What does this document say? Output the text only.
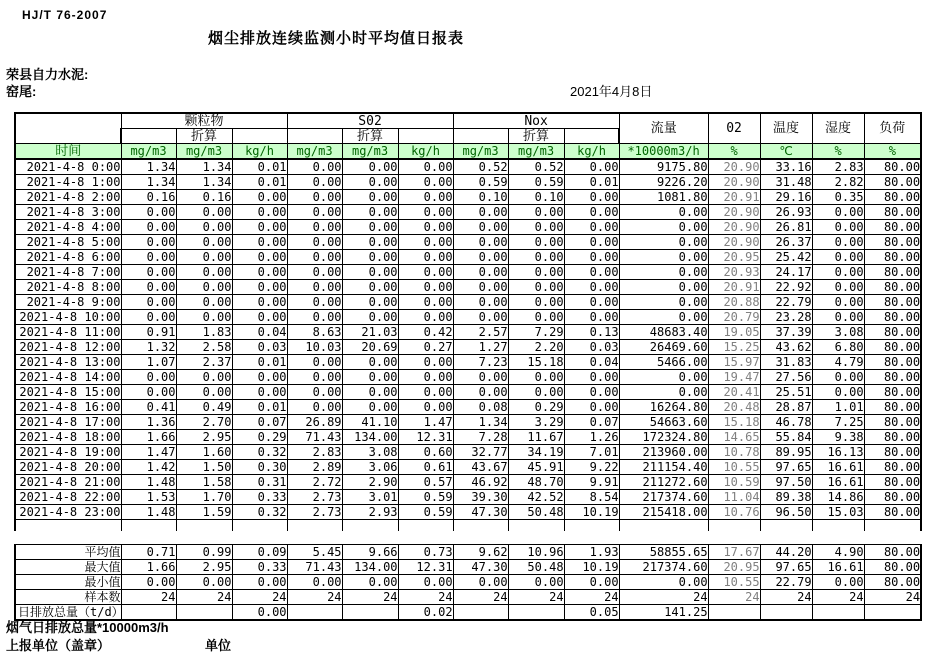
HJ/T 76-2007
烟尘排放连续监测小时平均值日报表
荣县自力水泥:
窑尾:	2021年4月8日
	颗粒物			S02			Nox			流量	02	温度	湿度	负荷
		折算			折算			折算						
时间	mg/m3	mg/m3	kg/h	mg/m3	mg/m3	kg/h	mg/m3	mg/m3	kg/h	*10000m3/h	%	℃	%	%
2021-4-8 0:00	1.34	1.34	0.01	0.00	0.00	0.00	0.52	0.52	0.00	9175.80	20.90	33.16	2.83	80.00
2021-4-8 1:00	1.34	1.34	0.01	0.00	0.00	0.00	0.59	0.59	0.01	9226.20	20.90	31.48	2.82	80.00
2021-4-8 2:00	0.16	0.16	0.00	0.00	0.00	0.00	0.10	0.10	0.00	1081.80	20.91	29.16	0.35	80.00
2021-4-8 3:00	0.00	0.00	0.00	0.00	0.00	0.00	0.00	0.00	0.00	0.00	20.90	26.93	0.00	80.00
2021-4-8 4:00	0.00	0.00	0.00	0.00	0.00	0.00	0.00	0.00	0.00	0.00	20.90	26.81	0.00	80.00
2021-4-8 5:00	0.00	0.00	0.00	0.00	0.00	0.00	0.00	0.00	0.00	0.00	20.90	26.37	0.00	80.00
2021-4-8 6:00	0.00	0.00	0.00	0.00	0.00	0.00	0.00	0.00	0.00	0.00	20.95	25.42	0.00	80.00
2021-4-8 7:00	0.00	0.00	0.00	0.00	0.00	0.00	0.00	0.00	0.00	0.00	20.93	24.17	0.00	80.00
2021-4-8 8:00	0.00	0.00	0.00	0.00	0.00	0.00	0.00	0.00	0.00	0.00	20.91	22.92	0.00	80.00
2021-4-8 9:00	0.00	0.00	0.00	0.00	0.00	0.00	0.00	0.00	0.00	0.00	20.88	22.79	0.00	80.00
2021-4-8 10:00	0.00	0.00	0.00	0.00	0.00	0.00	0.00	0.00	0.00	0.00	20.79	23.28	0.00	80.00
2021-4-8 11:00	0.91	1.83	0.04	8.63	21.03	0.42	2.57	7.29	0.13	48683.40	19.05	37.39	3.08	80.00
2021-4-8 12:00	1.32	2.58	0.03	10.03	20.69	0.27	1.27	2.20	0.03	26469.60	15.25	43.62	6.80	80.00
2021-4-8 13:00	1.07	2.37	0.01	0.00	0.00	0.00	7.23	15.18	0.04	5466.00	15.97	31.83	4.79	80.00
2021-4-8 14:00	0.00	0.00	0.00	0.00	0.00	0.00	0.00	0.00	0.00	0.00	19.47	27.56	0.00	80.00
2021-4-8 15:00	0.00	0.00	0.00	0.00	0.00	0.00	0.00	0.00	0.00	0.00	20.41	25.51	0.00	80.00
2021-4-8 16:00	0.41	0.49	0.01	0.00	0.00	0.00	0.08	0.29	0.00	16264.80	20.48	28.87	1.01	80.00
2021-4-8 17:00	1.36	2.70	0.07	26.89	41.10	1.47	1.34	3.29	0.07	54663.60	15.18	46.78	7.25	80.00
2021-4-8 18:00	1.66	2.95	0.29	71.43	134.00	12.31	7.28	11.67	1.26	172324.80	14.65	55.84	9.38	80.00
2021-4-8 19:00	1.47	1.60	0.32	2.83	3.08	0.60	32.77	34.19	7.01	213960.00	10.78	89.95	16.13	80.00
2021-4-8 20:00	1.42	1.50	0.30	2.89	3.06	0.61	43.67	45.91	9.22	211154.40	10.55	97.65	16.61	80.00
2021-4-8 21:00	1.48	1.58	0.31	2.72	2.90	0.57	46.92	48.70	9.91	211272.60	10.59	97.50	16.61	80.00
2021-4-8 22:00	1.53	1.70	0.33	2.73	3.01	0.59	39.30	42.52	8.54	217374.60	11.04	89.38	14.86	80.00
2021-4-8 23:00	1.48	1.59	0.32	2.73	2.93	0.59	47.30	50.48	10.19	215418.00	10.76	96.50	15.03	80.00

平均值	0.71	0.99	0.09	5.45	9.66	0.73	9.62	10.96	1.93	58855.65	17.67	44.20	4.90	80.00
最大值	1.66	2.95	0.33	71.43	134.00	12.31	47.30	50.48	10.19	217374.60	20.95	97.65	16.61	80.00
最小值	0.00	0.00	0.00	0.00	0.00	0.00	0.00	0.00	0.00	0.00	10.55	22.79	0.00	80.00
样本数	24	24	24	24	24	24	24	24	24	24	24	24	24	24
日排放总量（t/d）			0.00			0.02			0.05	141.25				
烟气日排放总量*10000m3/h
上报单位（盖章）	单位
